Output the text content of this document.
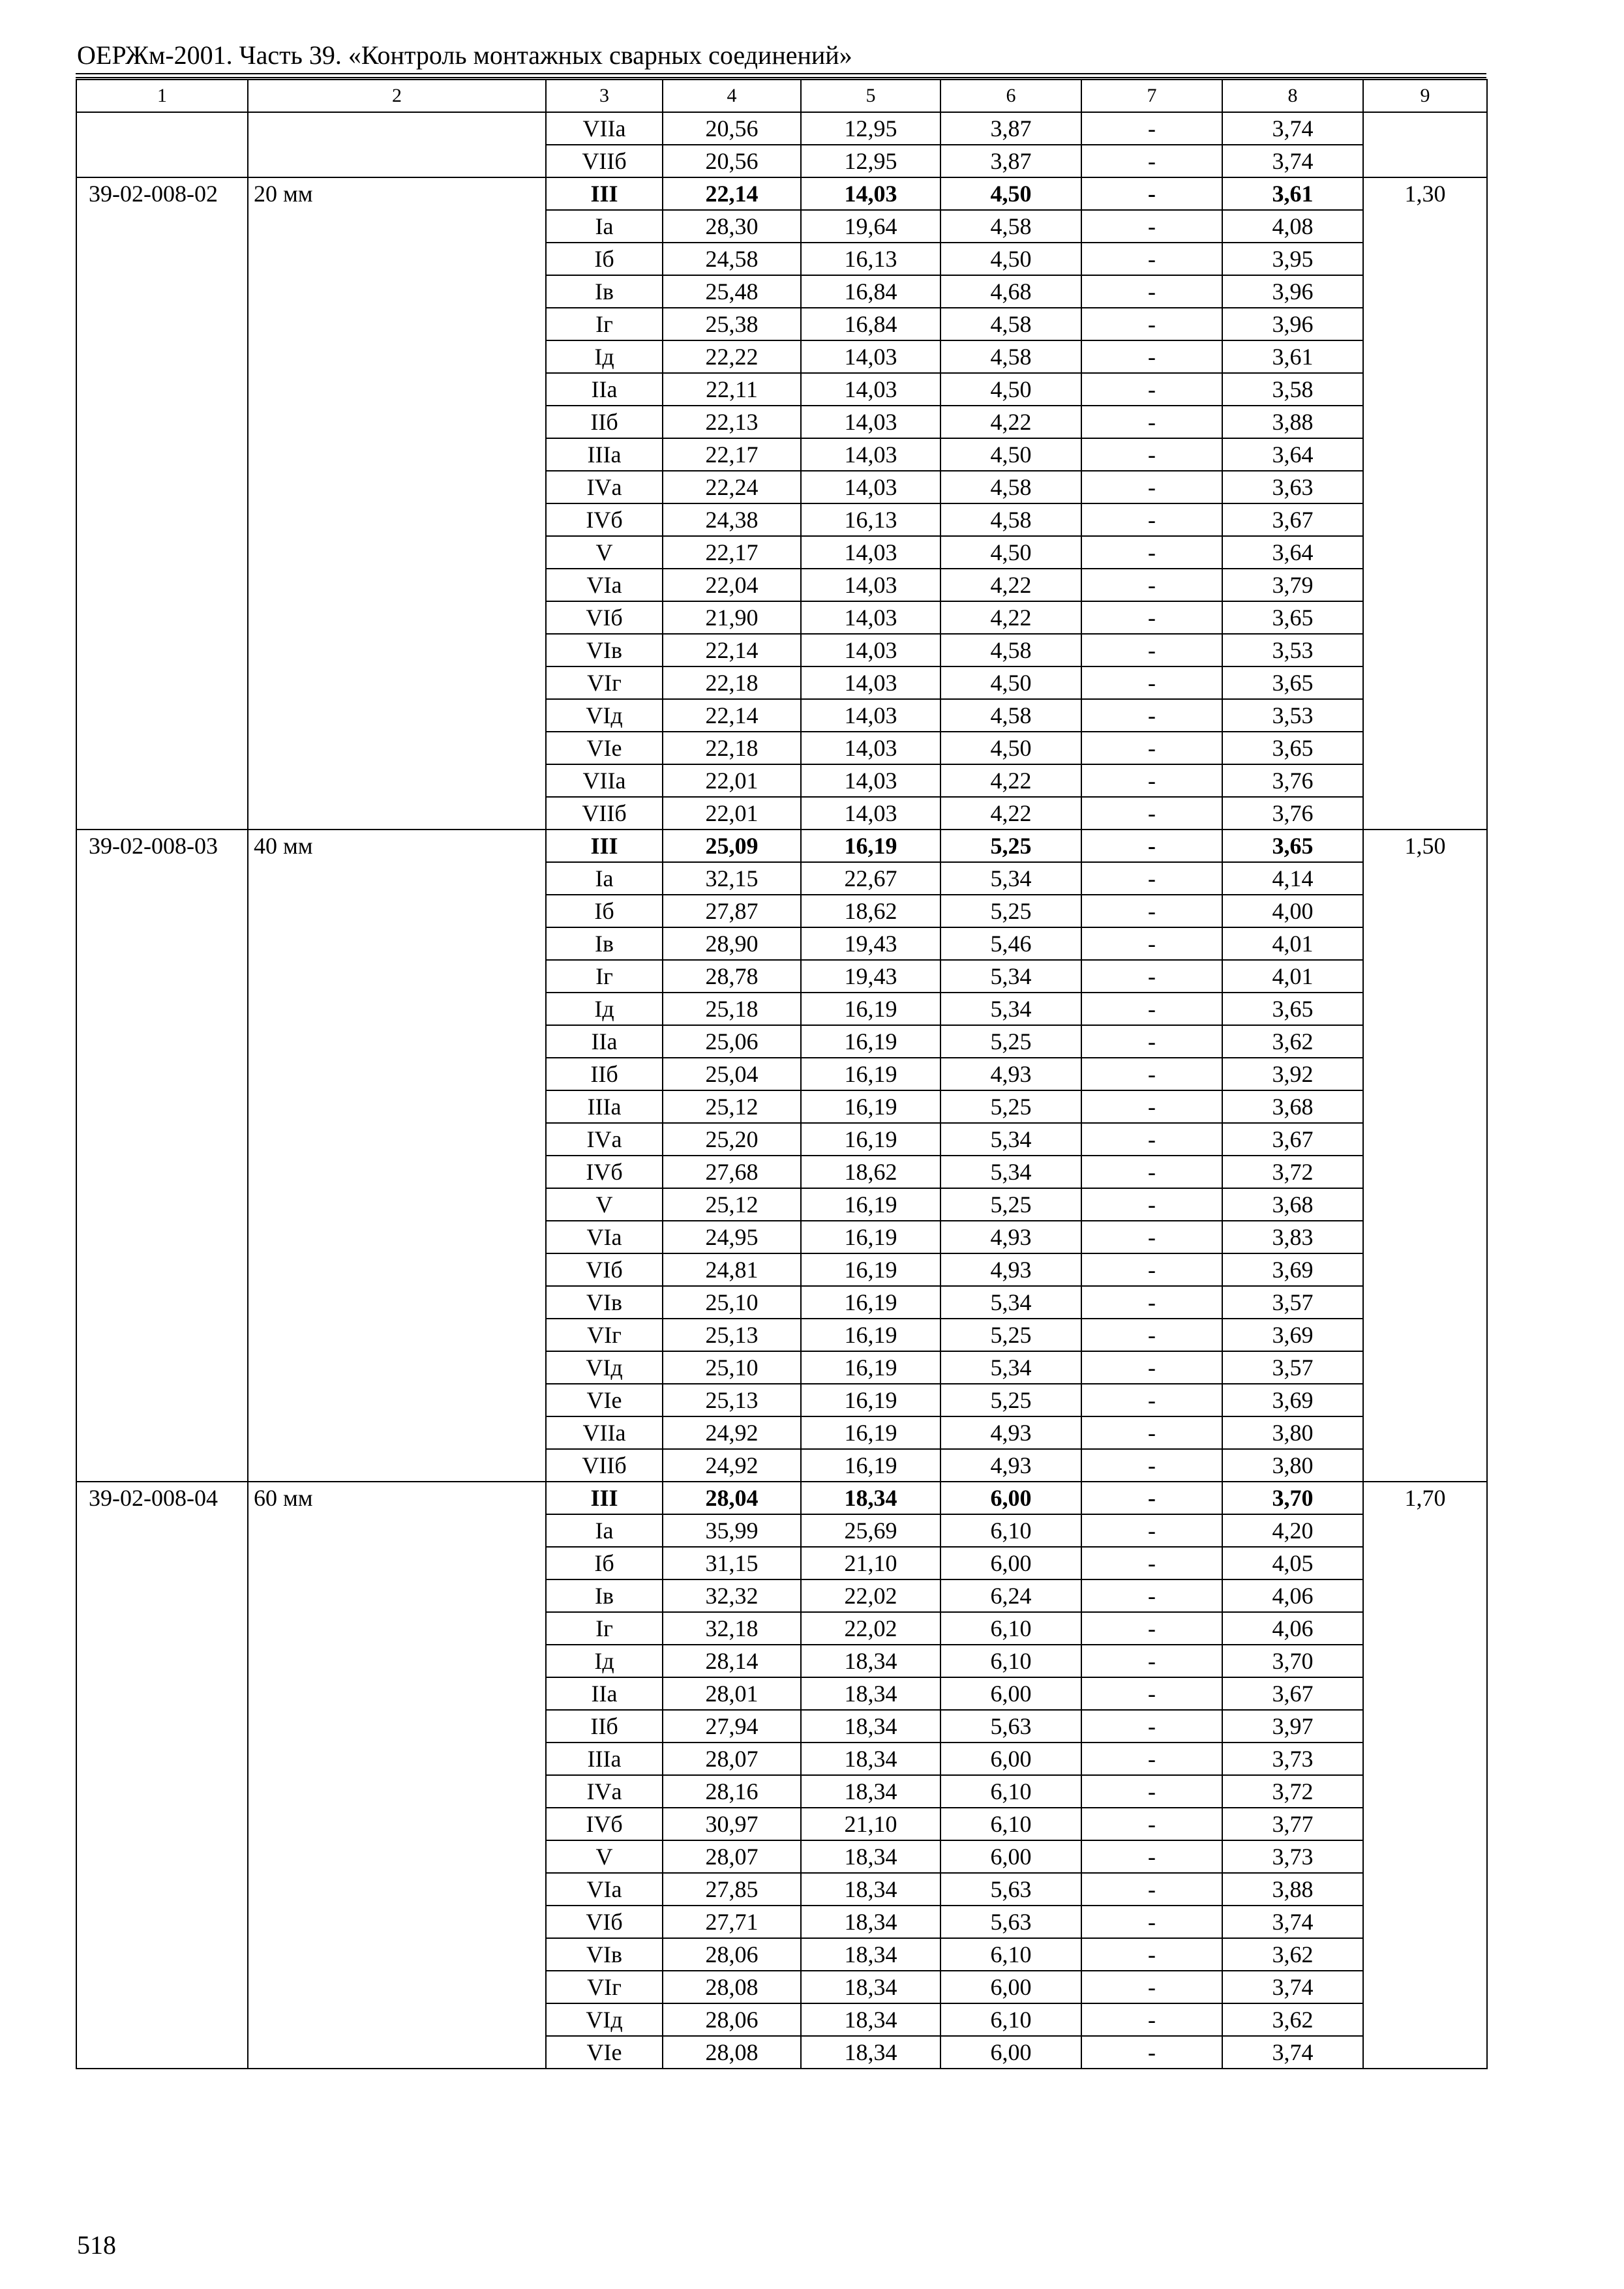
ОЕРЖм-2001. Часть 39. «Контроль монтажных сварных соединений»
1	2	3	4	5	6	7	8	9
		VIIа	20,56	12,95	3,87	-	3,74	
		VIIб	20,56	12,95	3,87	-	3,74	
39-02-008-02	20 мм	III	22,14	14,03	4,50	-	3,61	1,30
		Iа	28,30	19,64	4,58	-	4,08	
		Iб	24,58	16,13	4,50	-	3,95	
		Iв	25,48	16,84	4,68	-	3,96	
		Iг	25,38	16,84	4,58	-	3,96	
		Iд	22,22	14,03	4,58	-	3,61	
		IIа	22,11	14,03	4,50	-	3,58	
		IIб	22,13	14,03	4,22	-	3,88	
		IIIа	22,17	14,03	4,50	-	3,64	
		IVа	22,24	14,03	4,58	-	3,63	
		IVб	24,38	16,13	4,58	-	3,67	
		V	22,17	14,03	4,50	-	3,64	
		VIа	22,04	14,03	4,22	-	3,79	
		VIб	21,90	14,03	4,22	-	3,65	
		VIв	22,14	14,03	4,58	-	3,53	
		VIг	22,18	14,03	4,50	-	3,65	
		VIд	22,14	14,03	4,58	-	3,53	
		VIе	22,18	14,03	4,50	-	3,65	
		VIIа	22,01	14,03	4,22	-	3,76	
		VIIб	22,01	14,03	4,22	-	3,76	
39-02-008-03	40 мм	III	25,09	16,19	5,25	-	3,65	1,50
		Iа	32,15	22,67	5,34	-	4,14	
		Iб	27,87	18,62	5,25	-	4,00	
		Iв	28,90	19,43	5,46	-	4,01	
		Iг	28,78	19,43	5,34	-	4,01	
		Iд	25,18	16,19	5,34	-	3,65	
		IIа	25,06	16,19	5,25	-	3,62	
		IIб	25,04	16,19	4,93	-	3,92	
		IIIа	25,12	16,19	5,25	-	3,68	
		IVа	25,20	16,19	5,34	-	3,67	
		IVб	27,68	18,62	5,34	-	3,72	
		V	25,12	16,19	5,25	-	3,68	
		VIа	24,95	16,19	4,93	-	3,83	
		VIб	24,81	16,19	4,93	-	3,69	
		VIв	25,10	16,19	5,34	-	3,57	
		VIг	25,13	16,19	5,25	-	3,69	
		VIд	25,10	16,19	5,34	-	3,57	
		VIе	25,13	16,19	5,25	-	3,69	
		VIIа	24,92	16,19	4,93	-	3,80	
		VIIб	24,92	16,19	4,93	-	3,80	
39-02-008-04	60 мм	III	28,04	18,34	6,00	-	3,70	1,70
		Iа	35,99	25,69	6,10	-	4,20	
		Iб	31,15	21,10	6,00	-	4,05	
		Iв	32,32	22,02	6,24	-	4,06	
		Iг	32,18	22,02	6,10	-	4,06	
		Iд	28,14	18,34	6,10	-	3,70	
		IIа	28,01	18,34	6,00	-	3,67	
		IIб	27,94	18,34	5,63	-	3,97	
		IIIа	28,07	18,34	6,00	-	3,73	
		IVа	28,16	18,34	6,10	-	3,72	
		IVб	30,97	21,10	6,10	-	3,77	
		V	28,07	18,34	6,00	-	3,73	
		VIа	27,85	18,34	5,63	-	3,88	
		VIб	27,71	18,34	5,63	-	3,74	
		VIв	28,06	18,34	6,10	-	3,62	
		VIг	28,08	18,34	6,00	-	3,74	
		VIд	28,06	18,34	6,10	-	3,62	
		VIе	28,08	18,34	6,00	-	3,74	
518
